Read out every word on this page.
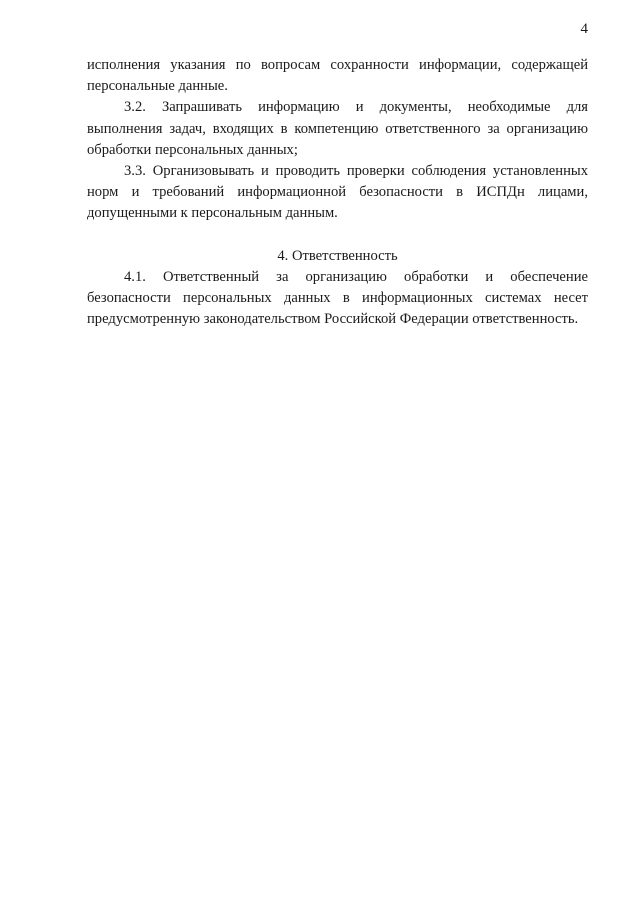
4

исполнения указания по вопросам сохранности информации, содержащей персональные данные.

3.2. Запрашивать информацию и документы, необходимые для выполнения задач, входящих в компетенцию ответственного за организацию обработки персональных данных;

3.3. Организовывать и проводить проверки соблюдения установленных норм и требований информационной безопасности в ИСПДн лицами, допущенными к персональным данным.

4. Ответственность

4.1. Ответственный за организацию обработки и обеспечение безопасности персональных данных в информационных системах несет предусмотренную законодательством Российской Федерации ответственность.
